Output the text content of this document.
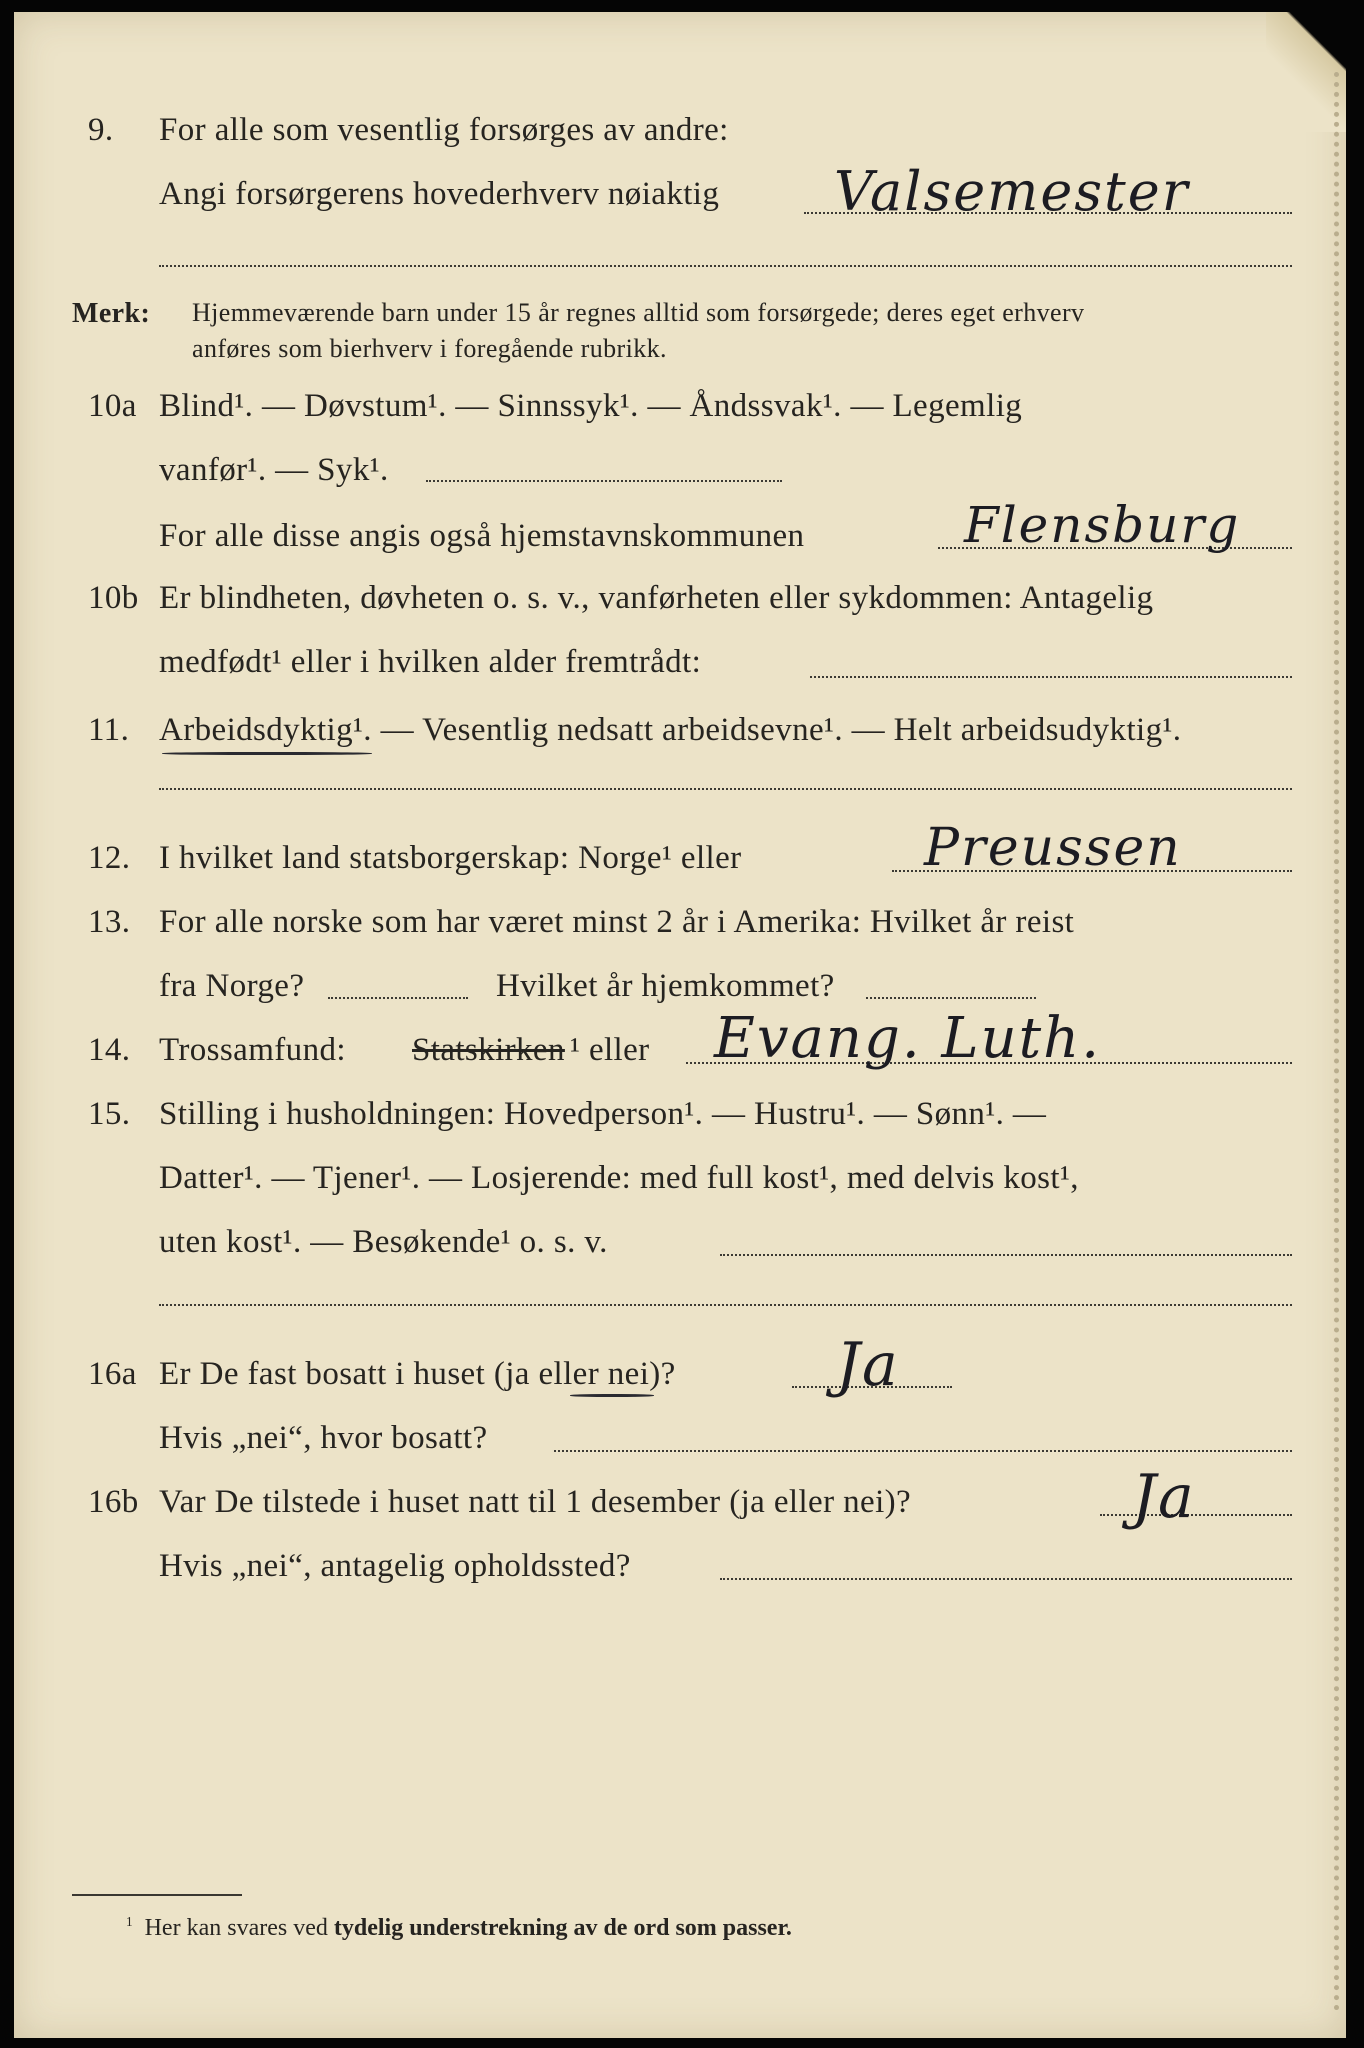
9. For alle som vesentlig forsørges av andre:
Angi forsørgerens hovederhverv nøiaktig Valsemester
Merk: Hjemmeværende barn under 15 år regnes alltid som forsørgede; deres eget erhverv
anføres som bierhverv i foregående rubrikk.
10a Blind¹. — Døvstum¹. — Sinnssyk¹. — Åndssvak¹. — Legemlig
vanfør¹. — Syk¹.
For alle disse angis også hjemstavnskommunen	Flensburg
10b Er blindheten, døvheten o. s. v., vanførheten eller sykdommen: Antagelig
medfødt¹ eller i hvilken alder fremtrådt:
11. Arbeidsdyktig¹. — Vesentlig nedsatt arbeidsevne¹. — Helt arbeidsudyktig¹.
12. I hvilket land statsborgerskap: Norge¹ eller	Preussen
13. For alle norske som har været minst 2 år i Amerika: Hvilket år reist
fra Norge?	Hvilket år hjemkommet?
14. Trossamfund: Statskirken ¹ eller Evang. Luth.
15. Stilling i husholdningen: Hovedperson¹. — Hustru¹. — Sønn¹. —
Datter¹. — Tjener¹. — Losjerende: med full kost¹, med delvis kost¹,
uten kost¹. — Besøkende¹ o. s. v.
16a Er De fast bosatt i huset (ja eller nei)?	Ja
Hvis „nei“, hvor bosatt?
16b Var De tilstede i huset natt til 1 desember (ja eller nei)?	Ja
Hvis „nei“, antagelig opholdssted?
$^1$ Her kan svares ved tydelig understrekning av de ord som passer.
